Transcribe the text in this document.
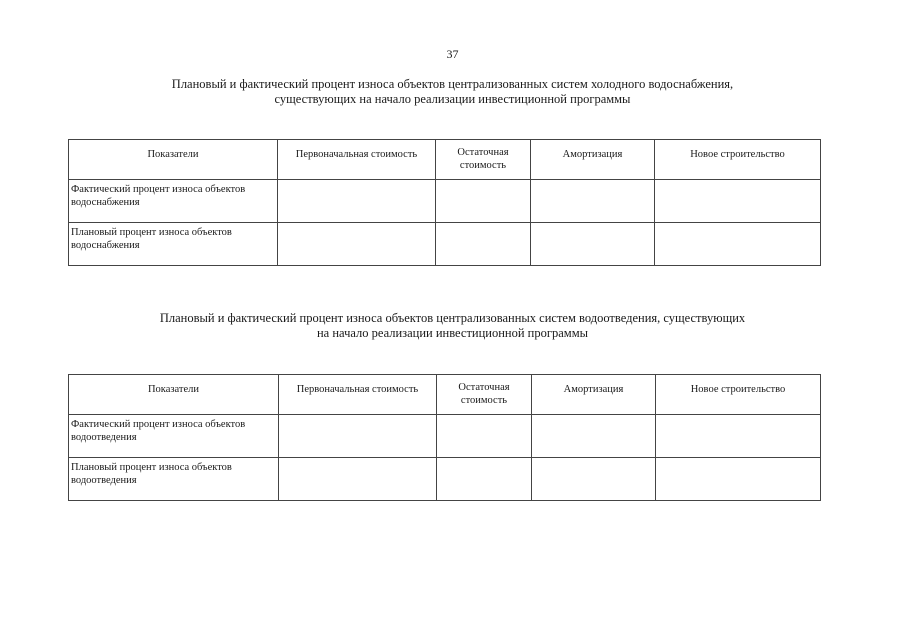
37
Плановый и фактический процент износа объектов централизованных систем холодного водоснабжения,
существующих на начало реализации инвестиционной программы
Показатели	Первоначальная стоимость	Остаточная стоимость	Амортизация	Новое строительство
Фактический процент износа объектов водоснабжения				
Плановый процент износа объектов водоснабжения				
Плановый и фактический процент износа объектов централизованных систем водоотведения, существующих
на начало реализации инвестиционной программы
Показатели	Первоначальная стоимость	Остаточная стоимость	Амортизация	Новое строительство
Фактический процент износа объектов водоотведения				
Плановый процент износа объектов водоотведения				
